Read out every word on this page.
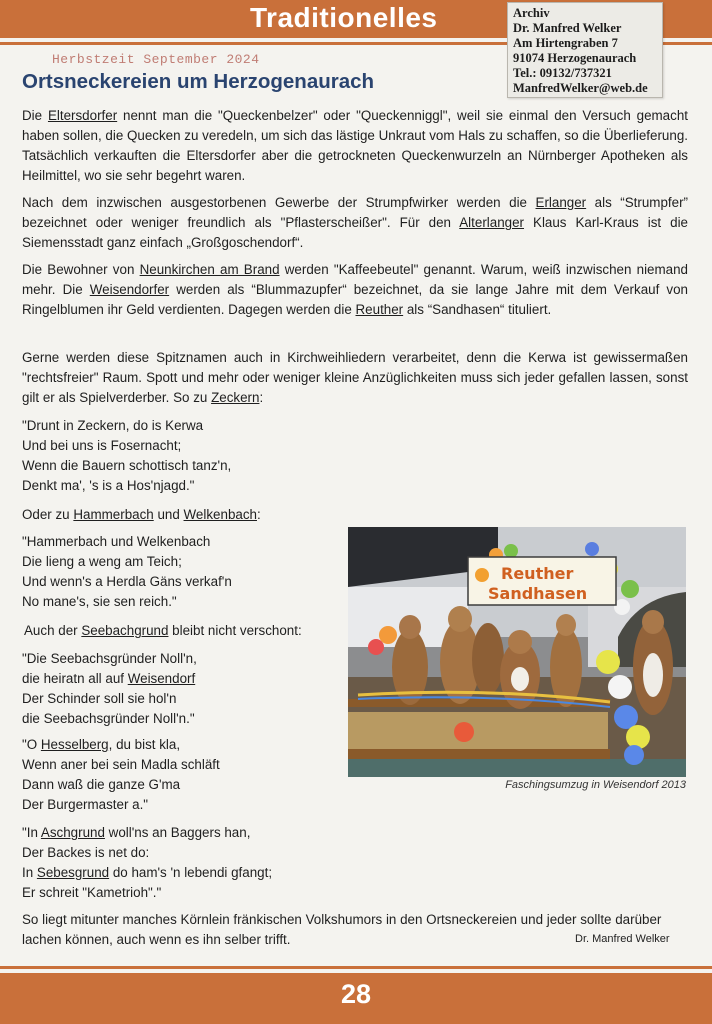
Traditionelles	Archiv
Dr. Manfred Welker
Am Hirtengraben 7
91074 Herzogenaurach
Tel.: 09132/737321
ManfredWelker@web.de
Herbstzeit September 2024
Ortsneckereien um Herzogenaurach

Die Eltersdorfer nennt man die "Queckenbelzer" oder "Queckenniggl", weil sie einmal den Versuch gemacht haben sollen, die Quecken zu veredeln, um sich das lästige Unkraut vom Hals zu schaffen, so die Überlieferung. Tatsächlich verkauften die Eltersdorfer aber die getrockneten Queckenwurzeln an Nürnberger Apotheken als Heilmittel, wo sie sehr begehrt waren.

Nach dem inzwischen ausgestorbenen Gewerbe der Strumpfwirker werden die Erlanger als “Strumpfer” bezeichnet oder weniger freundlich als "Pflasterscheißer". Für den Alterlanger Klaus Karl-Kraus ist die Siemensstadt ganz einfach „Großgoschendorf“.

Die Bewohner von Neunkirchen am Brand werden "Kaffeebeutel" genannt. Warum, weiß inzwischen niemand mehr. Die Weisendorfer werden als “Blummazupfer“ bezeichnet, da sie lange Jahre mit dem Verkauf von Ringelblumen ihr Geld verdienten. Dagegen werden die Reuther als “Sandhasen“ tituliert.

Gerne werden diese Spitznamen auch in Kirchweihliedern verarbeitet, denn die Kerwa ist gewissermaßen "rechtsfreier" Raum. Spott und mehr oder weniger kleine Anzüglichkeiten muss sich jeder gefallen lassen, sonst gilt er als Spielverderber. So zu Zeckern:

"Drunt in Zeckern, do is Kerwa
Und bei uns is Fosernacht;
Wenn die Bauern schottisch tanz'n,
Denkt ma', 's is a Hos'njagd."
Oder zu Hammerbach und Welkenbach:
"Hammerbach und Welkenbach
Die lieng a weng am Teich;
Und wenn's a Herdla Gäns verkaf'n
No mane's, sie sen reich."
Auch der Seebachgrund bleibt nicht verschont:
"Die Seebachsgründer Noll'n,
die heiratn all auf Weisendorf
Der Schinder soll sie hol'n
die Seebachsgründer Noll'n."
"O Hesselberg, du bist kla,
Wenn aner bei sein Madla schläft
Dann waß die ganze G'ma
Der Burgermaster a."
"In Aschgrund woll'ns an Baggers han,
Der Backes is net do:
In Sebesgrund do ham's 'n lebendi gfangt;
Er schreit "Kametrioh"."
Reuther
Sandhasen
Faschingsumzug in Weisendorf 2013
So liegt mitunter manches Körnlein fränkischen Volkshumors in den Ortsneckereien und jeder sollte darüber lachen können, auch wenn es ihn selber trifft.	Dr. Manfred Welker
28
